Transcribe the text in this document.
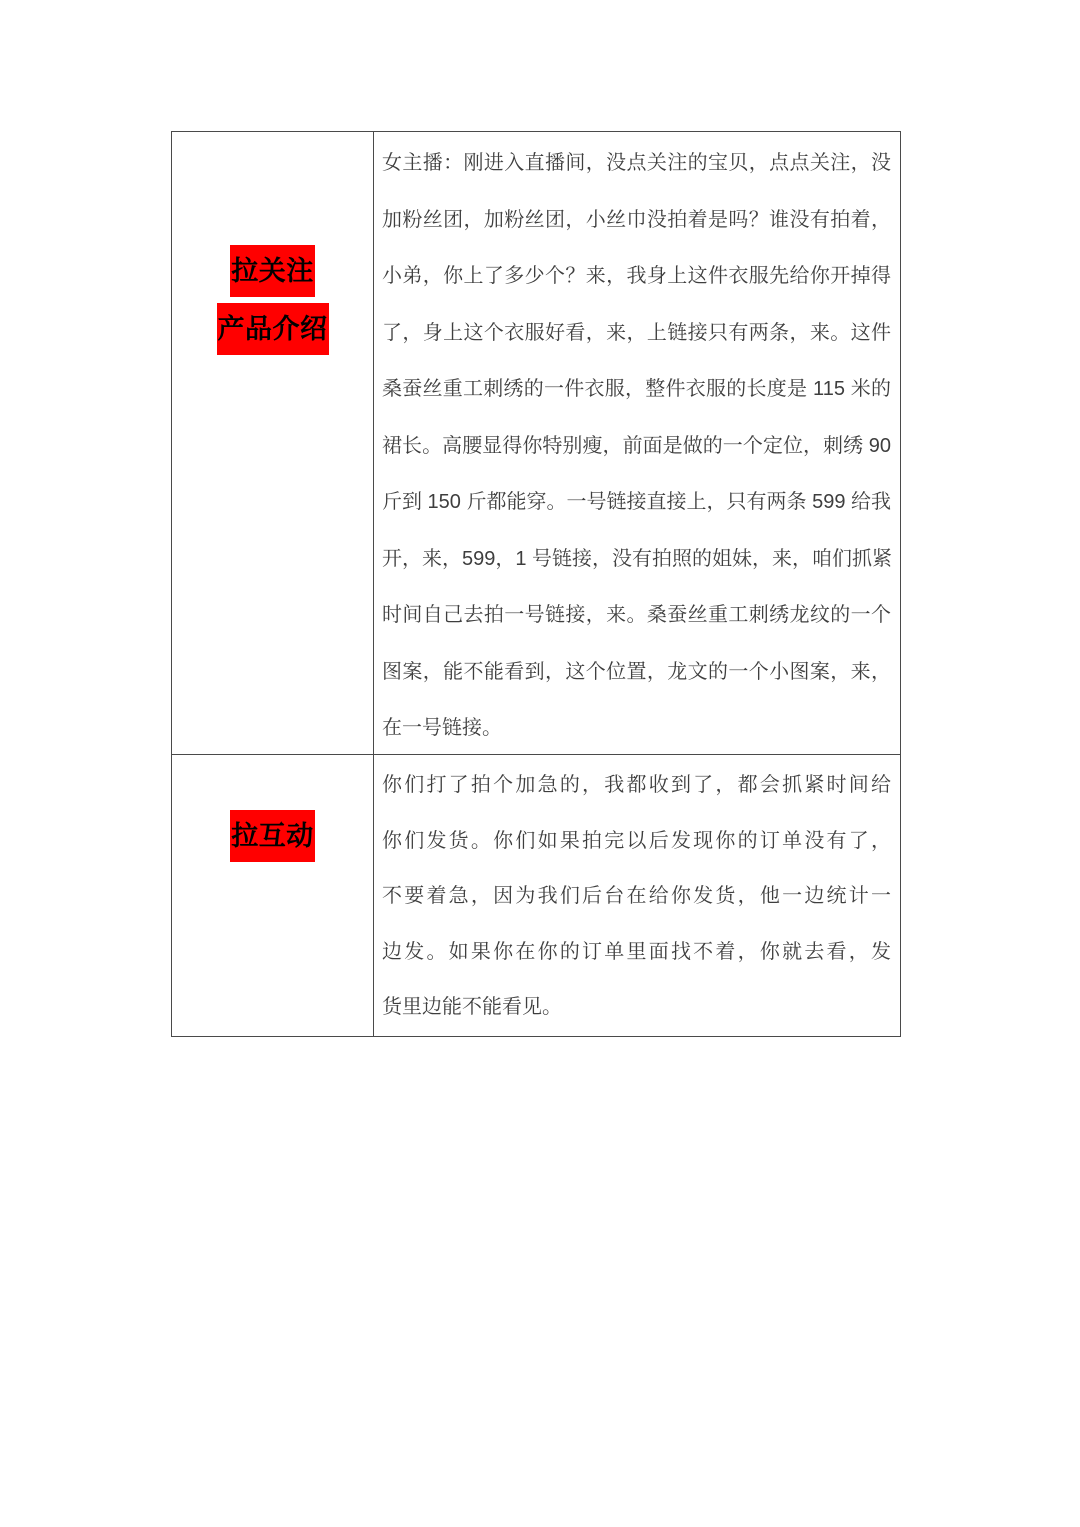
拉关注
产品介绍
女主播：刚进入直播间，没点关注的宝贝，点点关注，没
加粉丝团，加粉丝团，小丝巾没拍着是吗？谁没有拍着，
小弟，你上了多少个？来，我身上这件衣服先给你开掉得
了，身上这个衣服好看，来，上链接只有两条，来。这件
桑蚕丝重工刺绣的一件衣服，整件衣服的长度是 115 米的
裙长。高腰显得你特别瘦，前面是做的一个定位，刺绣 90
斤到 150 斤都能穿。一号链接直接上，只有两条 599 给我
开，来，599，1 号链接，没有拍照的姐妹，来，咱们抓紧
时间自己去拍一号链接，来。桑蚕丝重工刺绣龙纹的一个
图案，能不能看到，这个位置，龙文的一个小图案，来，
在一号链接。
拉互动
你们打了拍个加急的，我都收到了，都会抓紧时间给
你们发货。你们如果拍完以后发现你的订单没有了，
不要着急，因为我们后台在给你发货，他一边统计一
边发。如果你在你的订单里面找不着，你就去看，发
货里边能不能看见。
